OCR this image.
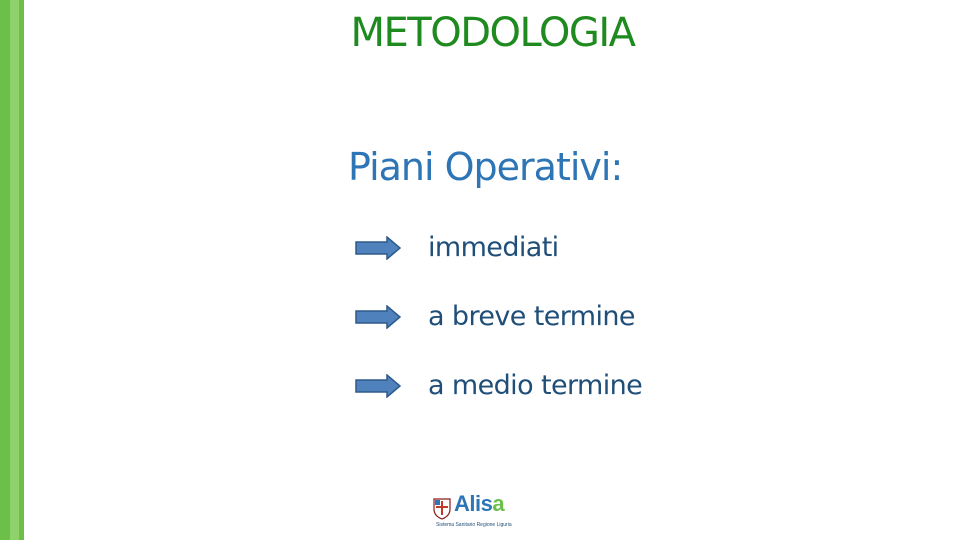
METODOLOGIA
Piani Operativi:
immediati
a breve termine
a medio termine
Alisa
Sistema Sanitario Regione Liguria
